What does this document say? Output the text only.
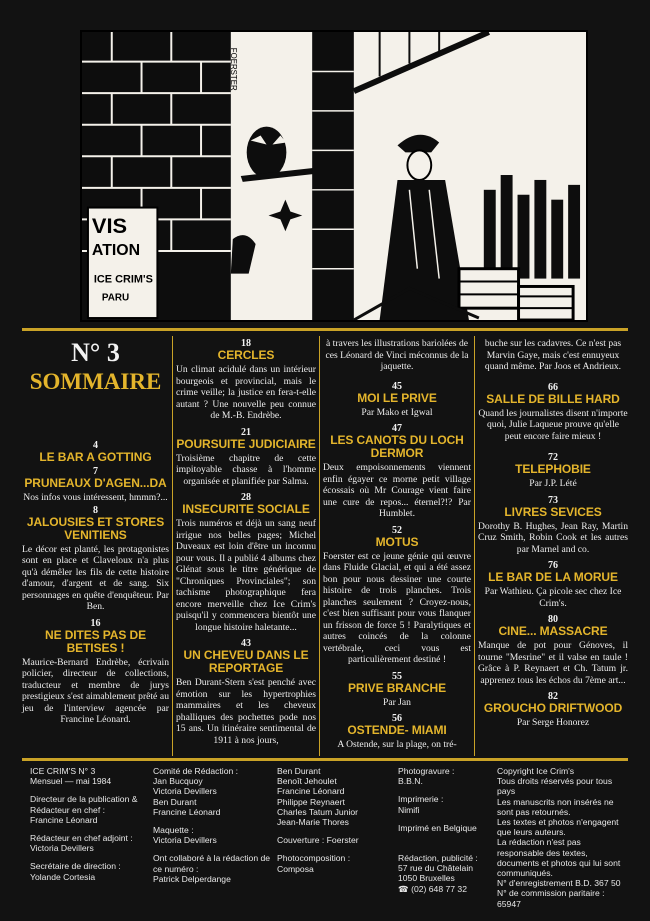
VIS
ATION
ICE CRIM'S
PARU
FOERSTER
N° 3
SOMMAIRE
4
LE BAR A GOTTING
7
PRUNEAUX D'AGEN...DA
Nos infos vous intéressent, hmmm?...
8
JALOUSIES ET STORES VENITIENS
Le décor est planté, les protagonistes sont en place et Claveloux n'a plus qu'à démêler les fils de cette histoire d'amour, d'argent et de sang. Six personnages en quête d'enquêteur. Par Ben.
16
NE DITES PAS DE BETISES !
Maurice-Bernard Endrèbe, écrivain policier, directeur de collections, traducteur et membre de jurys prestigieux s'est aimablement prêté au jeu de l'interview agencée par Francine Léonard.
18
CERCLES
Un climat acidulé dans un intérieur bourgeois et provincial, mais le crime veille; la justice en fera-t-elle autant ? Une nouvelle peu connue de M.-B. Endrèbe.
21
POURSUITE JUDICIAIRE
Troisième chapitre de cette impitoyable chasse à l'homme organisée et planifiée par Salma.
28
INSECURITE SOCIALE
Trois numéros et déjà un sang neuf irrigue nos belles pages; Michel Duveaux est loin d'être un inconnu pour vous. Il a publié 4 albums chez Glénat sous le titre générique de "Chroniques Provinciales"; son tachisme photographique fera encore merveille chez Ice Crim's puisqu'il y commencera bientôt une longue histoire haletante...
43
UN CHEVEU DANS LE REPORTAGE
Ben Durant-Stern s'est penché avec émotion sur les hypertrophies mammaires et les cheveux phalliques des pochettes pode nos 15 ans. Un itinéraire sentimental de 1911 à nos jours,
à travers les illustrations bariolées de ces Léonard de Vinci méconnus de la jaquette.
45
MOI LE PRIVE
Par Mako et Igwal
47
LES CANOTS DU LOCH DERMOR
Deux empoisonnements viennent enfin égayer ce morne petit village écossais où Mr Courage vient faire une cure de repos... éternel?!? Par Humblet.
52
MOTUS
Foerster est ce jeune génie qui œuvre dans Fluide Glacial, et qui a été assez bon pour nous dessiner une courte histoire de trois planches. Trois planches seulement ? Croyez-nous, c'est bien suffisant pour vous flanquer un frisson de force 5 ! Paralytiques et autres coincés de la colonne vertébrale, ceci vous est particulièrement destiné !
55
PRIVE BRANCHE
Par Jan
56
OSTENDE- MIAMI
A Ostende, sur la plage, on tré-
buche sur les cadavres. Ce n'est pas Marvin Gaye, mais c'est ennuyeux quand même. Par Joos et Andrieux.
66
SALLE DE BILLE HARD
Quand les journalistes disent n'importe quoi, Julie Laqueue prouve qu'elle peut encore faire mieux !
72
TELEPHOBIE
Par J.P. Lété
73
LIVRES SEVICES
Dorothy B. Hughes, Jean Ray, Martin Cruz Smith, Robin Cook et les autres par Marnel and co.
76
LE BAR DE LA MORUE
Par Wathieu. Ça picole sec chez Ice Crim's.
80
CINE... MASSACRE
Manque de pot pour Génoves, il tourne "Mesrine" et il valse en taule ! Grâce à P. Reynaert et Ch. Tatum jr. apprenez tous les échos du 7ème art...
82
GROUCHO DRIFTWOOD
Par Serge Honorez
ICE CRIM'S N° 3
Mensuel — mai 1984
Directeur de la publication &
Rédacteur en chef :
Francine Léonard
Rédacteur en chef adjoint :
Victoria Devillers
Secrétaire de direction :
Yolande Cortesia
Comité de Rédaction :
Jan Bucquoy
Victoria Devillers
Ben Durant
Francine Léonard
Maquette :
Victoria Devillers
Ont collaboré à la rédaction de ce numéro :
Patrick Delperdange
Ben Durant
Benoît Jehoulet
Francine Léonard
Philippe Reynaert
Charles Tatum Junior
Jean-Marie Thores
Couverture : Foerster
Photocomposition :
Composa
Photogravure :
B.B.N.
Imprimerie :
Nimifi
Imprimé en Belgique
Rédaction, publicité :
57 rue du Châtelain
1050 Bruxelles
☎ (02) 648 77 32
Copyright Ice Crim's
Tous droits réservés pour tous pays
Les manuscrits non insérés ne sont pas retournés.
Les textes et photos n'engagent que leurs auteurs.
La rédaction n'est pas responsable des textes, documents et photos qui lui sont communiqués.
N° d'enregistrement B.D. 367 50
N° de commission paritaire : 65947
